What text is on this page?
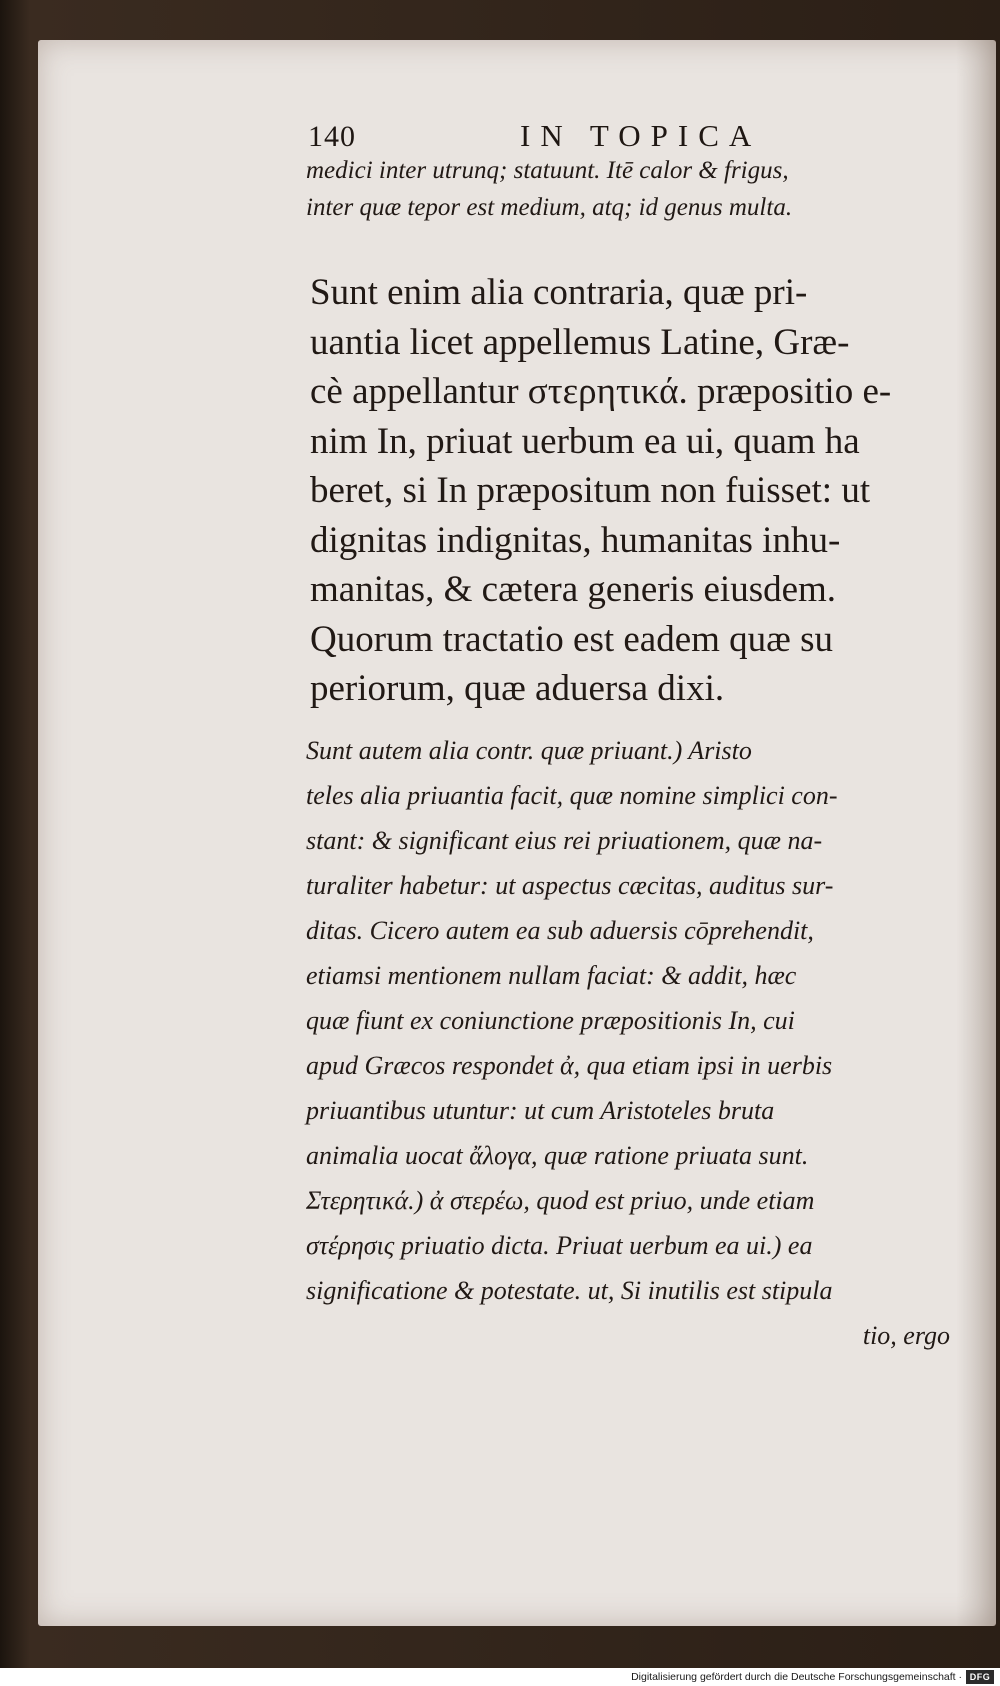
140	IN TOPICA
medici inter utrunq; statuunt. Itē calor & frigus,
inter quæ tepor est medium, atq; id genus multa.
Sunt enim alia contraria, quæ pri-
uantia licet appellemus Latine, Græ-
cè appellantur στερητικά. præpositio e-
nim In, priuat uerbum ea ui, quam ha
beret, si In præpositum non fuisset: ut
dignitas indignitas, humanitas inhu-
manitas, & cætera generis eiusdem.
Quorum tractatio est eadem quæ su
periorum, quæ aduersa dixi.
Sunt autem alia contr. quæ priuant.) Aristo
teles alia priuantia facit, quæ nomine simplici con-
stant: & significant eius rei priuationem, quæ na-
turaliter habetur: ut aspectus cæcitas, auditus sur-
ditas. Cicero autem ea sub aduersis cōprehendit,
etiamsi mentionem nullam faciat: & addit, hæc
quæ fiunt ex coniunctione præpositionis In, cui
apud Græcos respondet ἀ, qua etiam ipsi in uerbis
priuantibus utuntur: ut cum Aristoteles bruta
animalia uocat ἄλογα, quæ ratione priuata sunt.
Στερητικά.) ἀ στερέω, quod est priuo, unde etiam
στέρησις priuatio dicta. Priuat uerbum ea ui.) ea
significatione & potestate. ut, Si inutilis est stipula
tio, ergo
Digitalisierung gefördert durch die Deutsche Forschungsgemeinschaft · DFG
